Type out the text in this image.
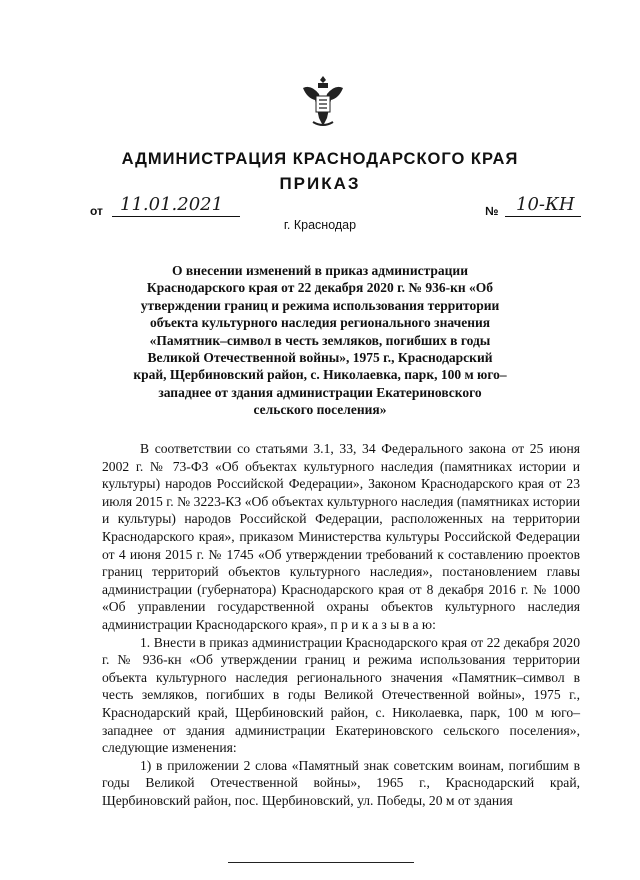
АДМИНИСТРАЦИЯ КРАСНОДАРСКОГО КРАЯ
ПРИКАЗ
от 11.01.2021	№ 10-КН
г. Краснодар
О внесении изменений в приказ администрации Краснодарского края от 22 декабря 2020 г. № 936-кн «Об утверждении границ и режима использования территории объекта культурного наследия регионального значения «Памятник–символ в честь земляков, погибших в годы Великой Отечественной войны», 1975 г., Краснодарский край, Щербиновский район, с. Николаевка, парк, 100 м юго–западнее от здания администрации Екатериновского сельского поселения»

В соответствии со статьями 3.1, 33, 34 Федерального закона от 25 июня 2002 г. № 73-ФЗ «Об объектах культурного наследия (памятниках истории и культуры) народов Российской Федерации», Законом Краснодарского края от 23 июля 2015 г. № 3223-КЗ «Об объектах культурного наследия (памятниках истории и культуры) народов Российской Федерации, расположенных на территории Краснодарского края», приказом Министерства культуры Российской Федерации от 4 июня 2015 г. № 1745 «Об утверждении требований к составлению проектов границ территорий объектов культурного наследия», постановлением главы администрации (губернатора) Краснодарского края от 8 декабря 2016 г. № 1000 «Об управлении государственной охраны объектов культурного наследия администрации Краснодарского края», п р и к а з ы в а ю:

1. Внести в приказ администрации Краснодарского края от 22 декабря 2020 г. № 936-кн «Об утверждении границ и режима использования территории объекта культурного наследия регионального значения «Памятник–символ в честь земляков, погибших в годы Великой Отечественной войны», 1975 г., Краснодарский край, Щербиновский район, с. Николаевка, парк, 100 м юго–западнее от здания администрации Екатериновского сельского поселения», следующие изменения:

1) в приложении 2 слова «Памятный знак советским воинам, погибшим в годы Великой Отечественной войны», 1965 г., Краснодарский край, Щербиновский район, пос. Щербиновский, ул. Победы, 20 м от здания
